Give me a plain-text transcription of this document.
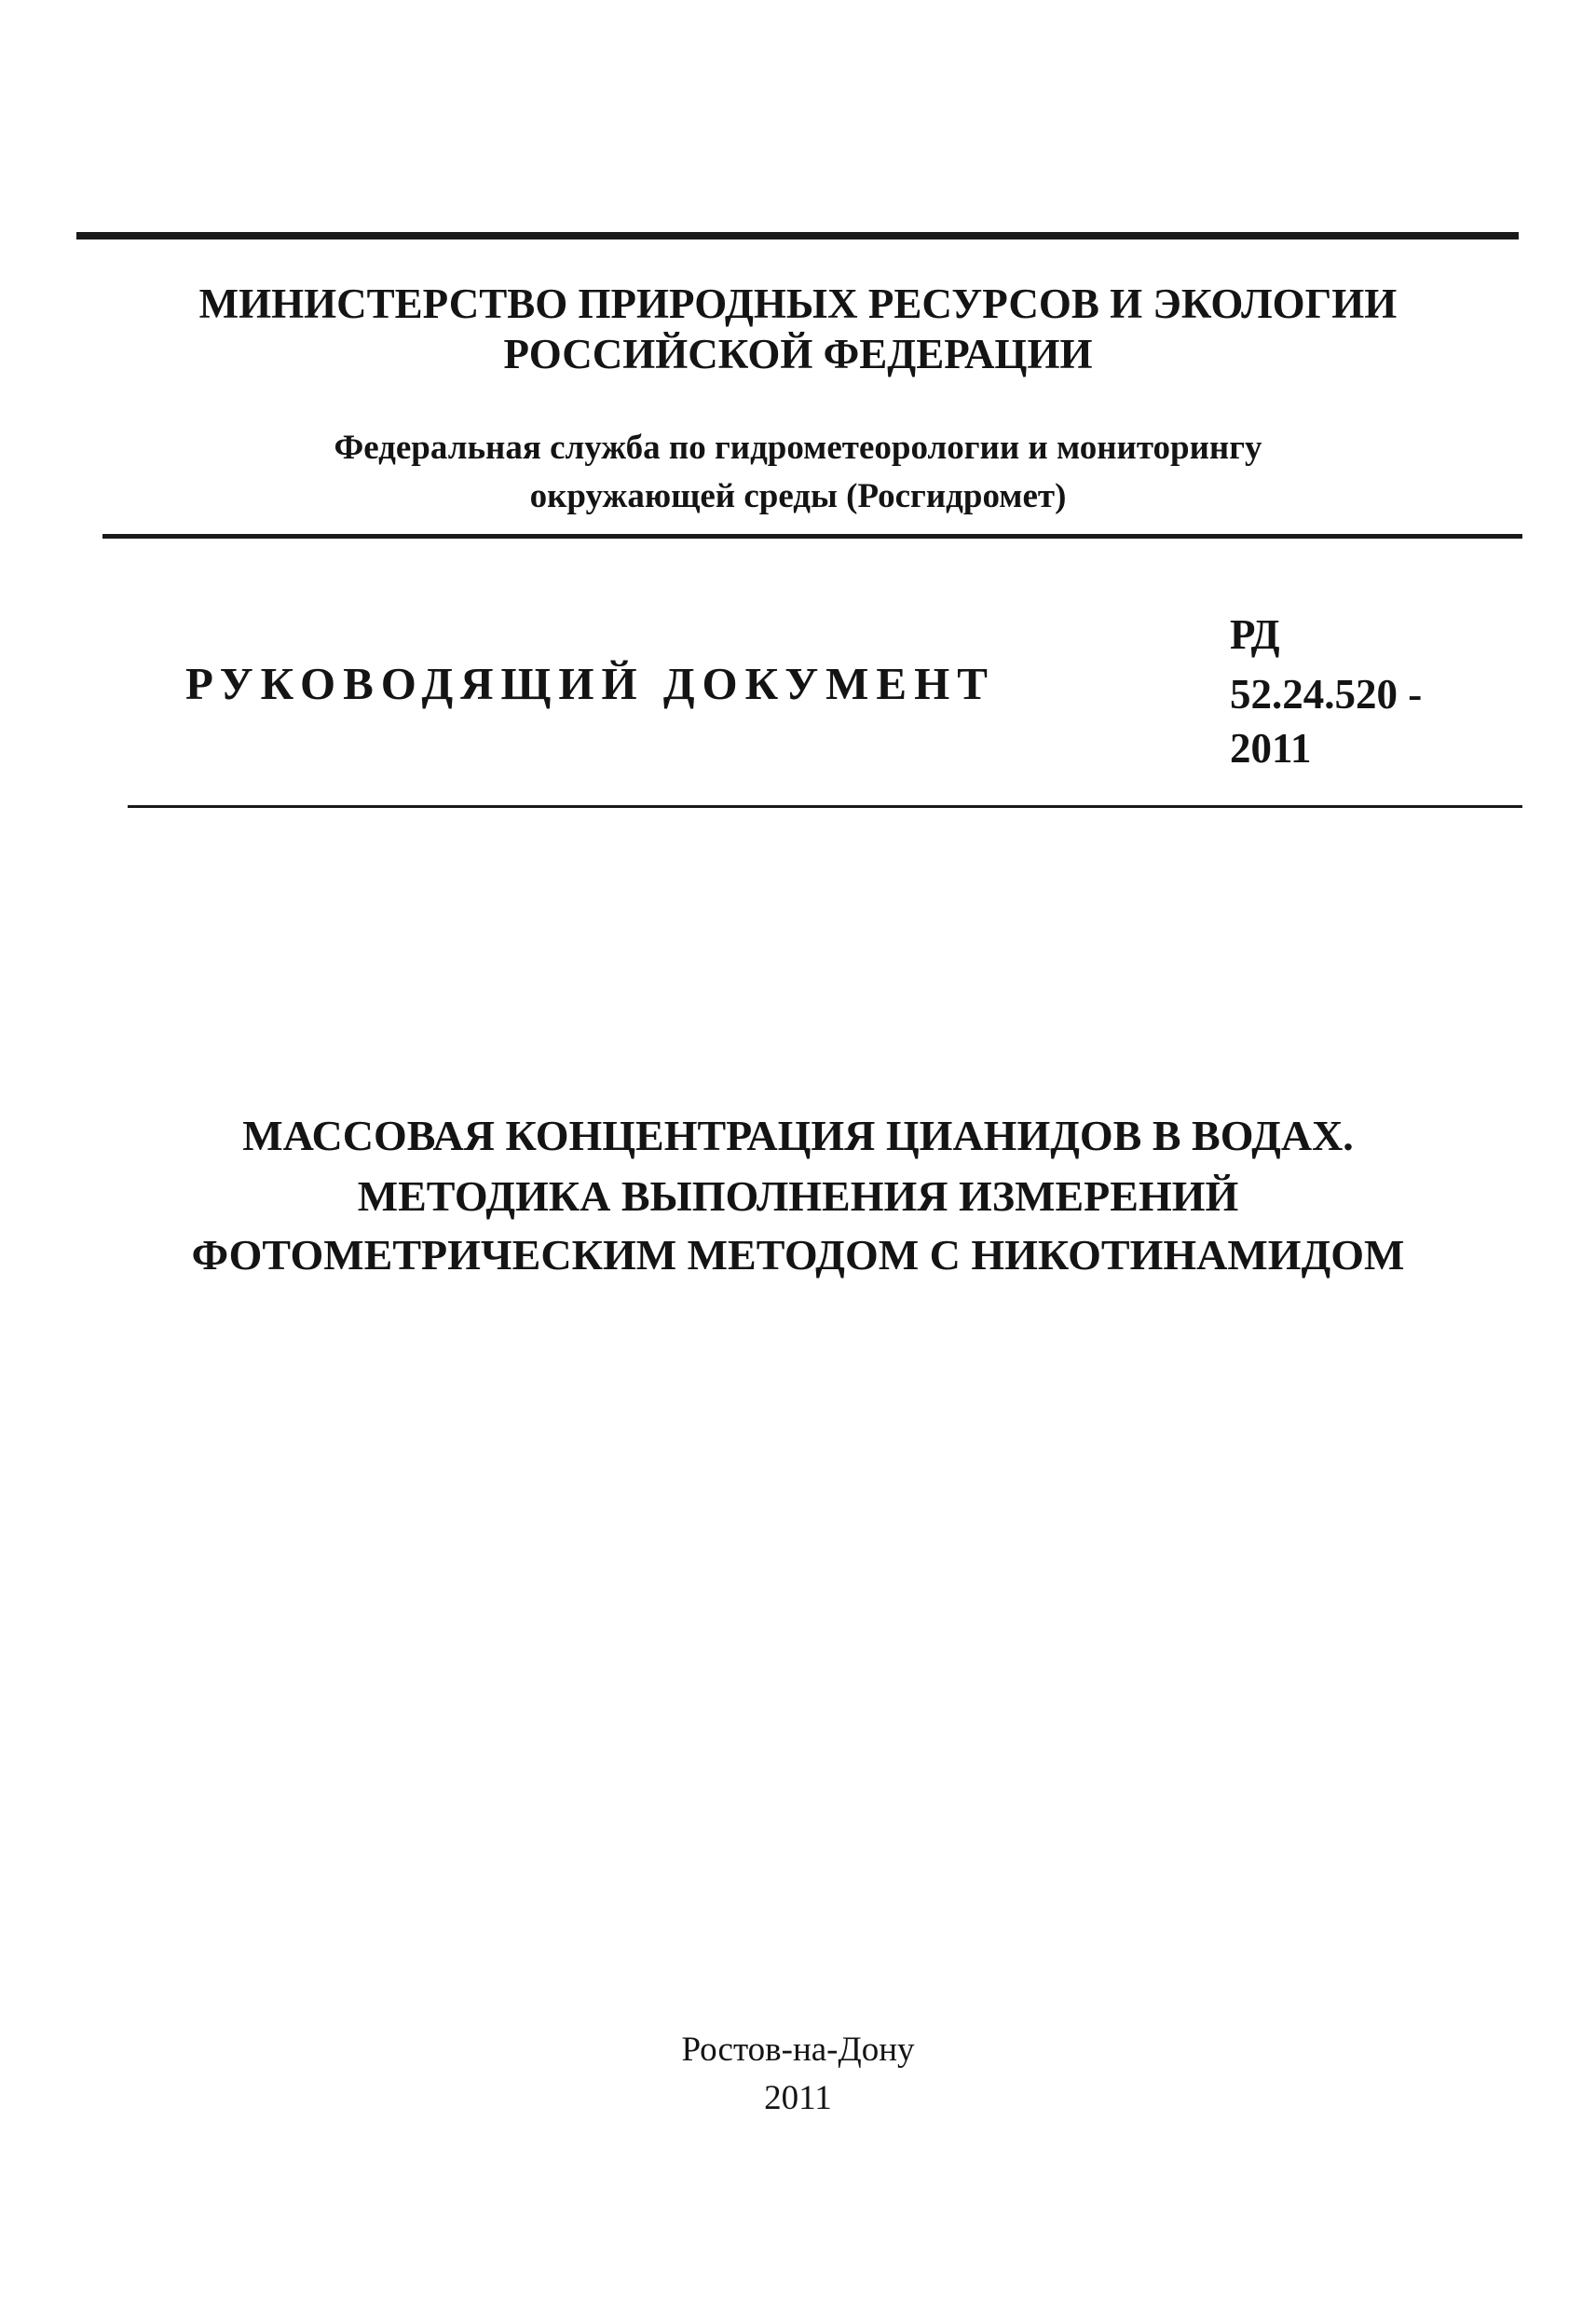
МИНИСТЕРСТВО ПРИРОДНЫХ РЕСУРСОВ И ЭКОЛОГИИ
РОССИЙСКОЙ ФЕДЕРАЦИИ
Федеральная служба по гидрометеорологии и мониторингу
окружающей среды (Росгидромет)
РУКОВОДЯЩИЙ ДОКУМЕНТ
РД
52.24.520 -
2011
МАССОВАЯ КОНЦЕНТРАЦИЯ ЦИАНИДОВ В ВОДАХ.
МЕТОДИКА ВЫПОЛНЕНИЯ ИЗМЕРЕНИЙ
ФОТОМЕТРИЧЕСКИМ МЕТОДОМ С НИКОТИНАМИДОМ
Ростов-на-Дону
2011
